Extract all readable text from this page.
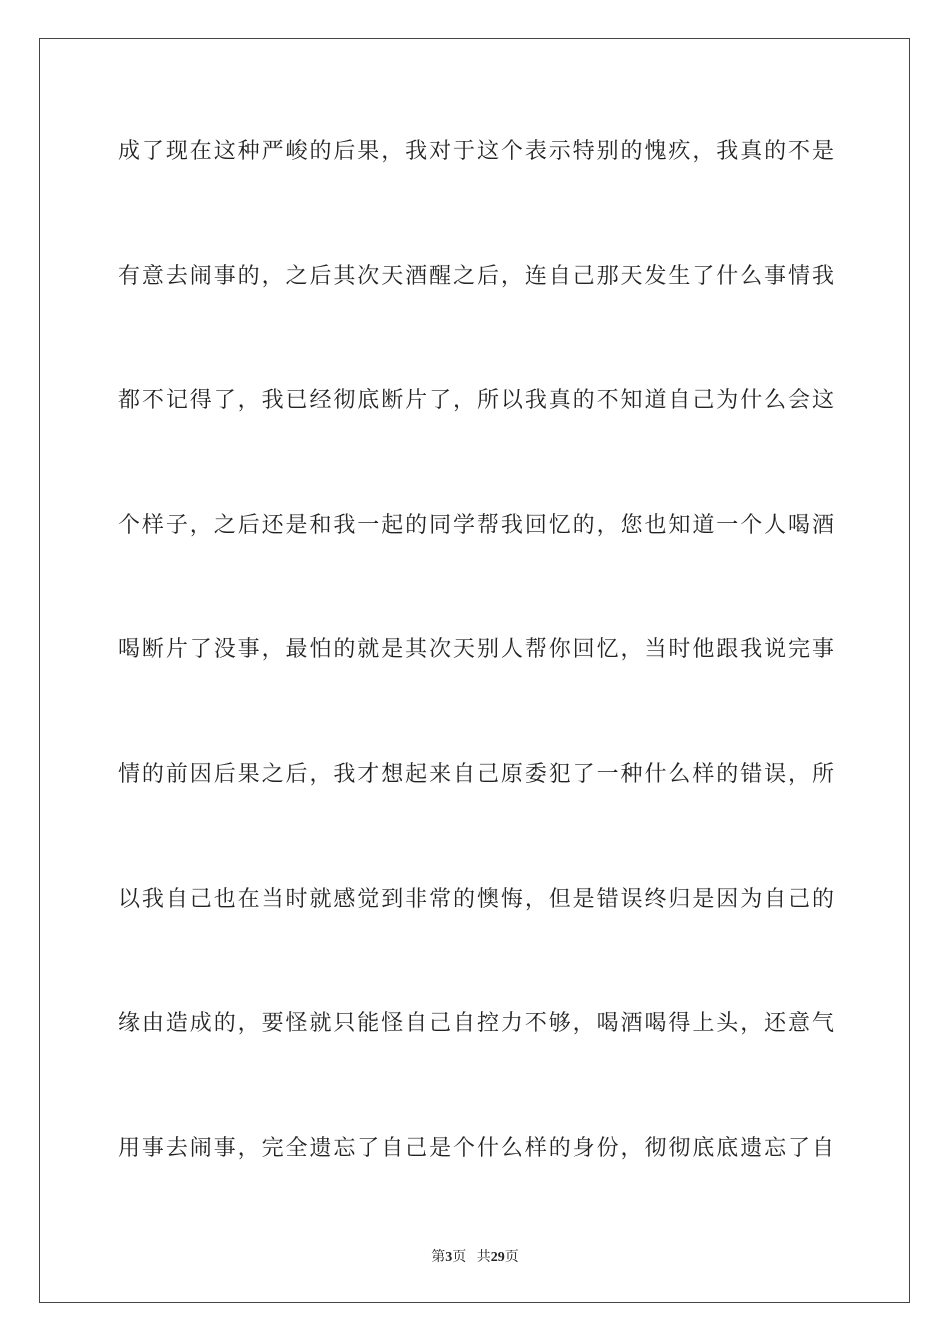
成了现在这种严峻的后果，我对于这个表示特别的愧疚，我真的不是
有意去闹事的，之后其次天酒醒之后，连自己那天发生了什么事情我
都不记得了，我已经彻底断片了，所以我真的不知道自己为什么会这
个样子，之后还是和我一起的同学帮我回忆的，您也知道一个人喝酒
喝断片了没事，最怕的就是其次天别人帮你回忆，当时他跟我说完事
情的前因后果之后，我才想起来自己原委犯了一种什么样的错误，所
以我自己也在当时就感觉到非常的懊悔，但是错误终归是因为自己的
缘由造成的，要怪就只能怪自己自控力不够，喝酒喝得上头，还意气
用事去闹事，完全遗忘了自己是个什么样的身份，彻彻底底遗忘了自
第3页 共29页
